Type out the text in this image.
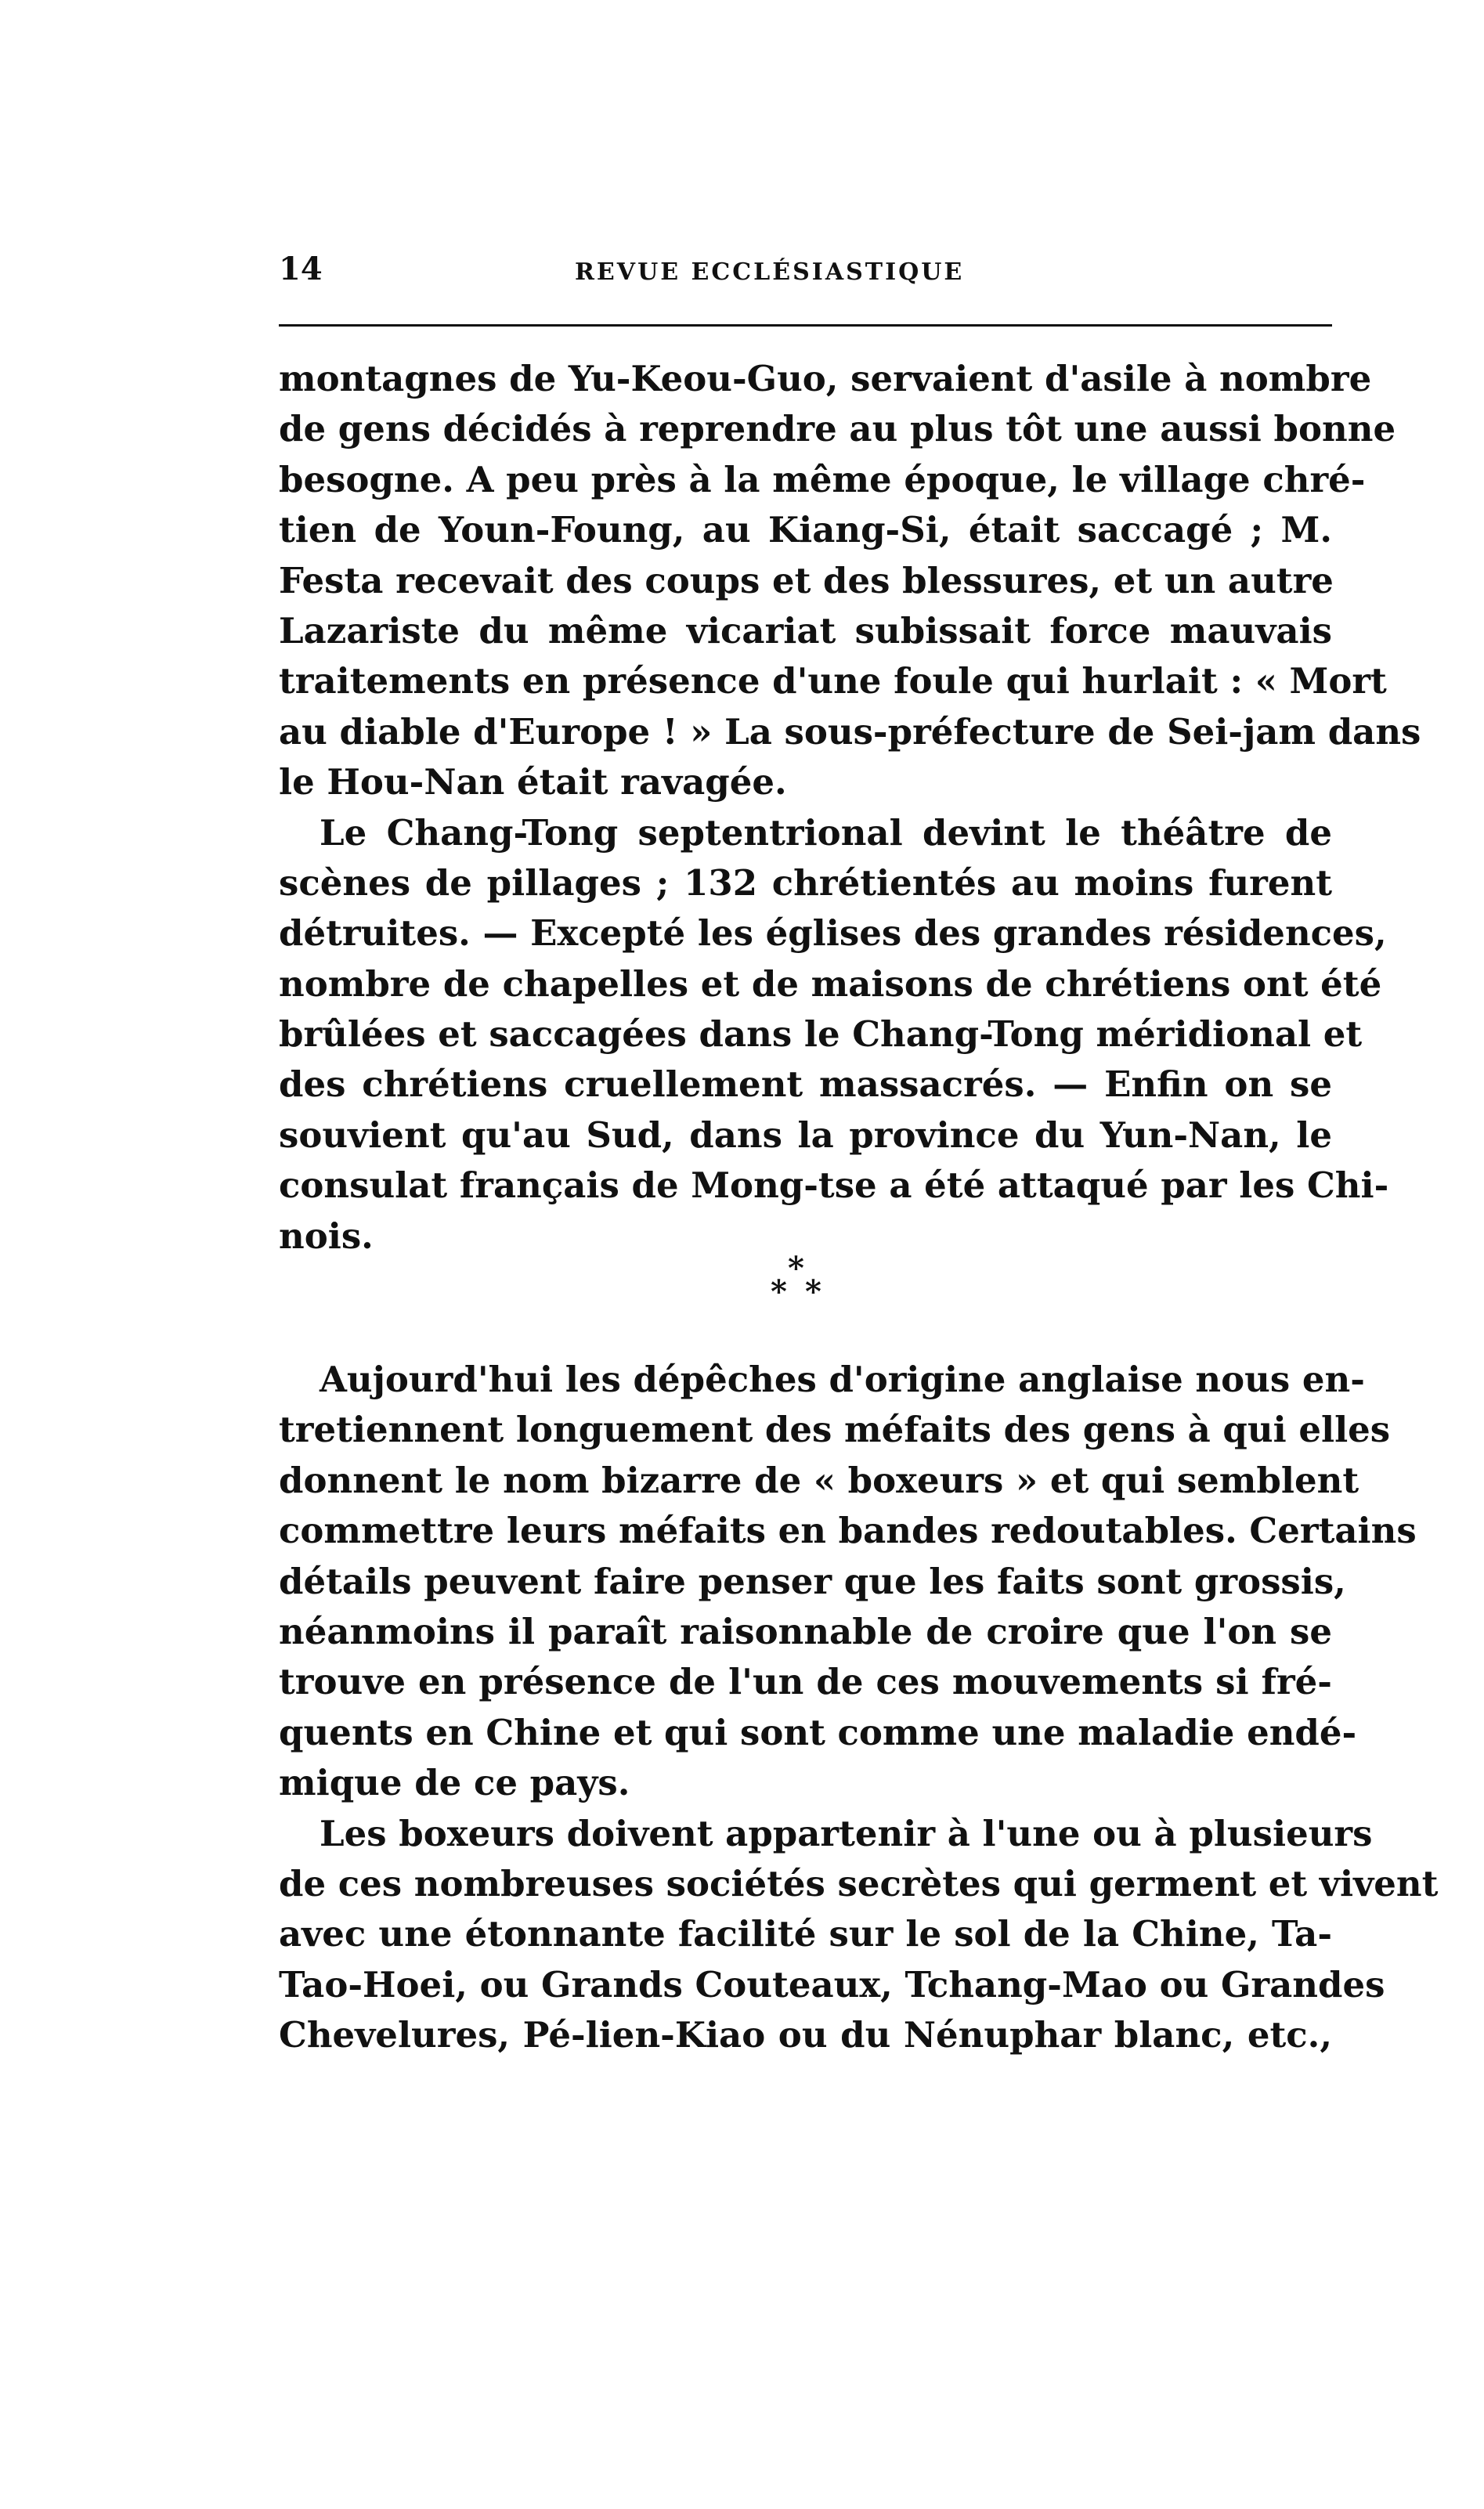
14	REVUE ECCLÉSIASTIQUE
montagnes de Yu-Keou-Guo, servaient d'asile à nombre
de gens décidés à reprendre au plus tôt une aussi bonne
besogne. A peu près à la même époque, le village chré-
tien de Youn-Foung, au Kiang-Si, était saccagé ; M.
Festa recevait des coups et des blessures, et un autre
Lazariste du même vicariat subissait force mauvais
traitements en présence d'une foule qui hurlait : « Mort
au diable d'Europe ! » La sous-préfecture de Sei-jam dans
le Hou-Nan était ravagée.
Le Chang-Tong septentrional devint le théâtre de
scènes de pillages ; 132 chrétientés au moins furent
détruites. — Excepté les églises des grandes résidences,
nombre de chapelles et de maisons de chrétiens ont été
brûlées et saccagées dans le Chang-Tong méridional et
des chrétiens cruellement massacrés. — Enfin on se
souvient qu'au Sud, dans la province du Yun-Nan, le
consulat français de Mong-tse a été attaqué par les Chi-
nois.
*
* *
Aujourd'hui les dépêches d'origine anglaise nous en-
tretiennent longuement des méfaits des gens à qui elles
donnent le nom bizarre de « boxeurs » et qui semblent
commettre leurs méfaits en bandes redoutables. Certains
détails peuvent faire penser que les faits sont grossis,
néanmoins il paraît raisonnable de croire que l'on se
trouve en présence de l'un de ces mouvements si fré-
quents en Chine et qui sont comme une maladie endé-
mique de ce pays.
Les boxeurs doivent appartenir à l'une ou à plusieurs
de ces nombreuses sociétés secrètes qui germent et vivent
avec une étonnante facilité sur le sol de la Chine, Ta-
Tao-Hoei, ou Grands Couteaux, Tchang-Mao ou Grandes
Chevelures, Pé-lien-Kiao ou du Nénuphar blanc, etc.,
